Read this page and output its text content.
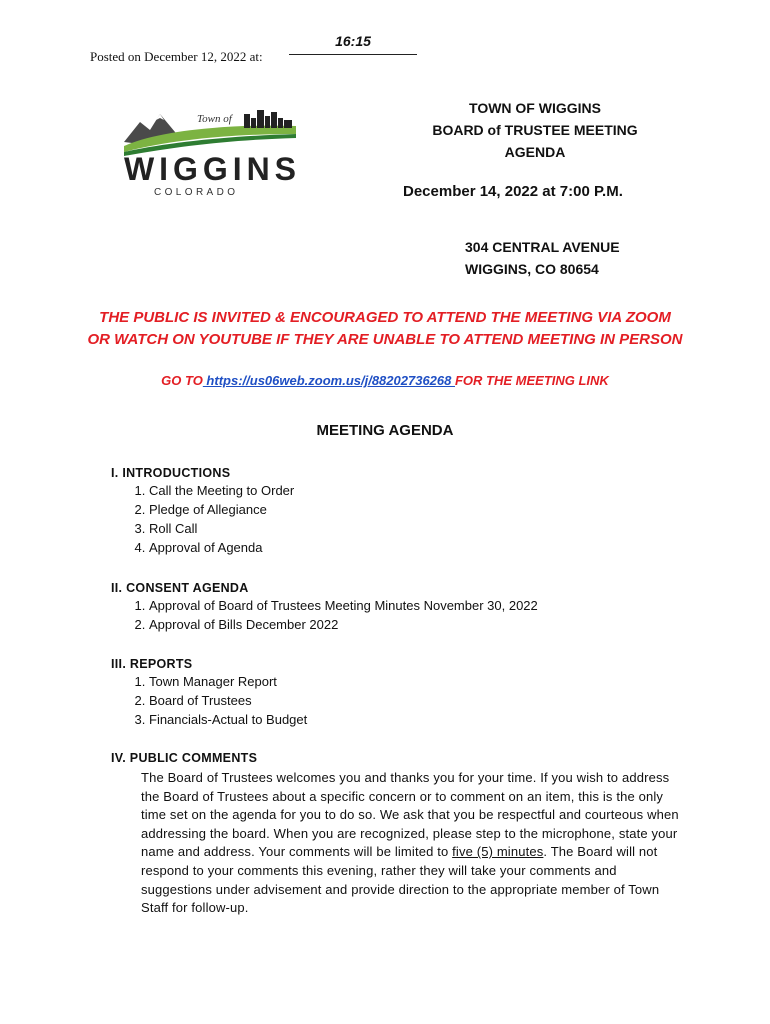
Posted on December 12, 2022 at:
16:15
Town of
WIGGINS
COLORADO
TOWN OF WIGGINS
BOARD of TRUSTEE MEETING
AGENDA
December 14, 2022 at 7:00 P.M.
304 CENTRAL AVENUE
WIGGINS, CO 80654
THE PUBLIC IS INVITED & ENCOURAGED TO ATTEND THE MEETING VIA ZOOM
OR WATCH ON YOUTUBE IF THEY ARE UNABLE TO ATTEND MEETING IN PERSON
GO TO https://us06web.zoom.us/j/88202736268 FOR THE MEETING LINK
MEETING AGENDA
I. INTRODUCTIONS
1. Call the Meeting to Order
2. Pledge of Allegiance
3. Roll Call
4. Approval of Agenda
II. CONSENT AGENDA
1. Approval of Board of Trustees Meeting Minutes November 30, 2022
2. Approval of Bills December 2022
III. REPORTS
1. Town Manager Report
2. Board of Trustees
3. Financials-Actual to Budget
IV. PUBLIC COMMENTS
The Board of Trustees welcomes you and thanks you for your time. If you wish to address the Board of Trustees about a specific concern or to comment on an item, this is the only time set on the agenda for you to do so. We ask that you be respectful and courteous when addressing the board. When you are recognized, please step to the microphone, state your name and address. Your comments will be limited to five (5) minutes. The Board will not respond to your comments this evening, rather they will take your comments and suggestions under advisement and provide direction to the appropriate member of Town Staff for follow-up.
